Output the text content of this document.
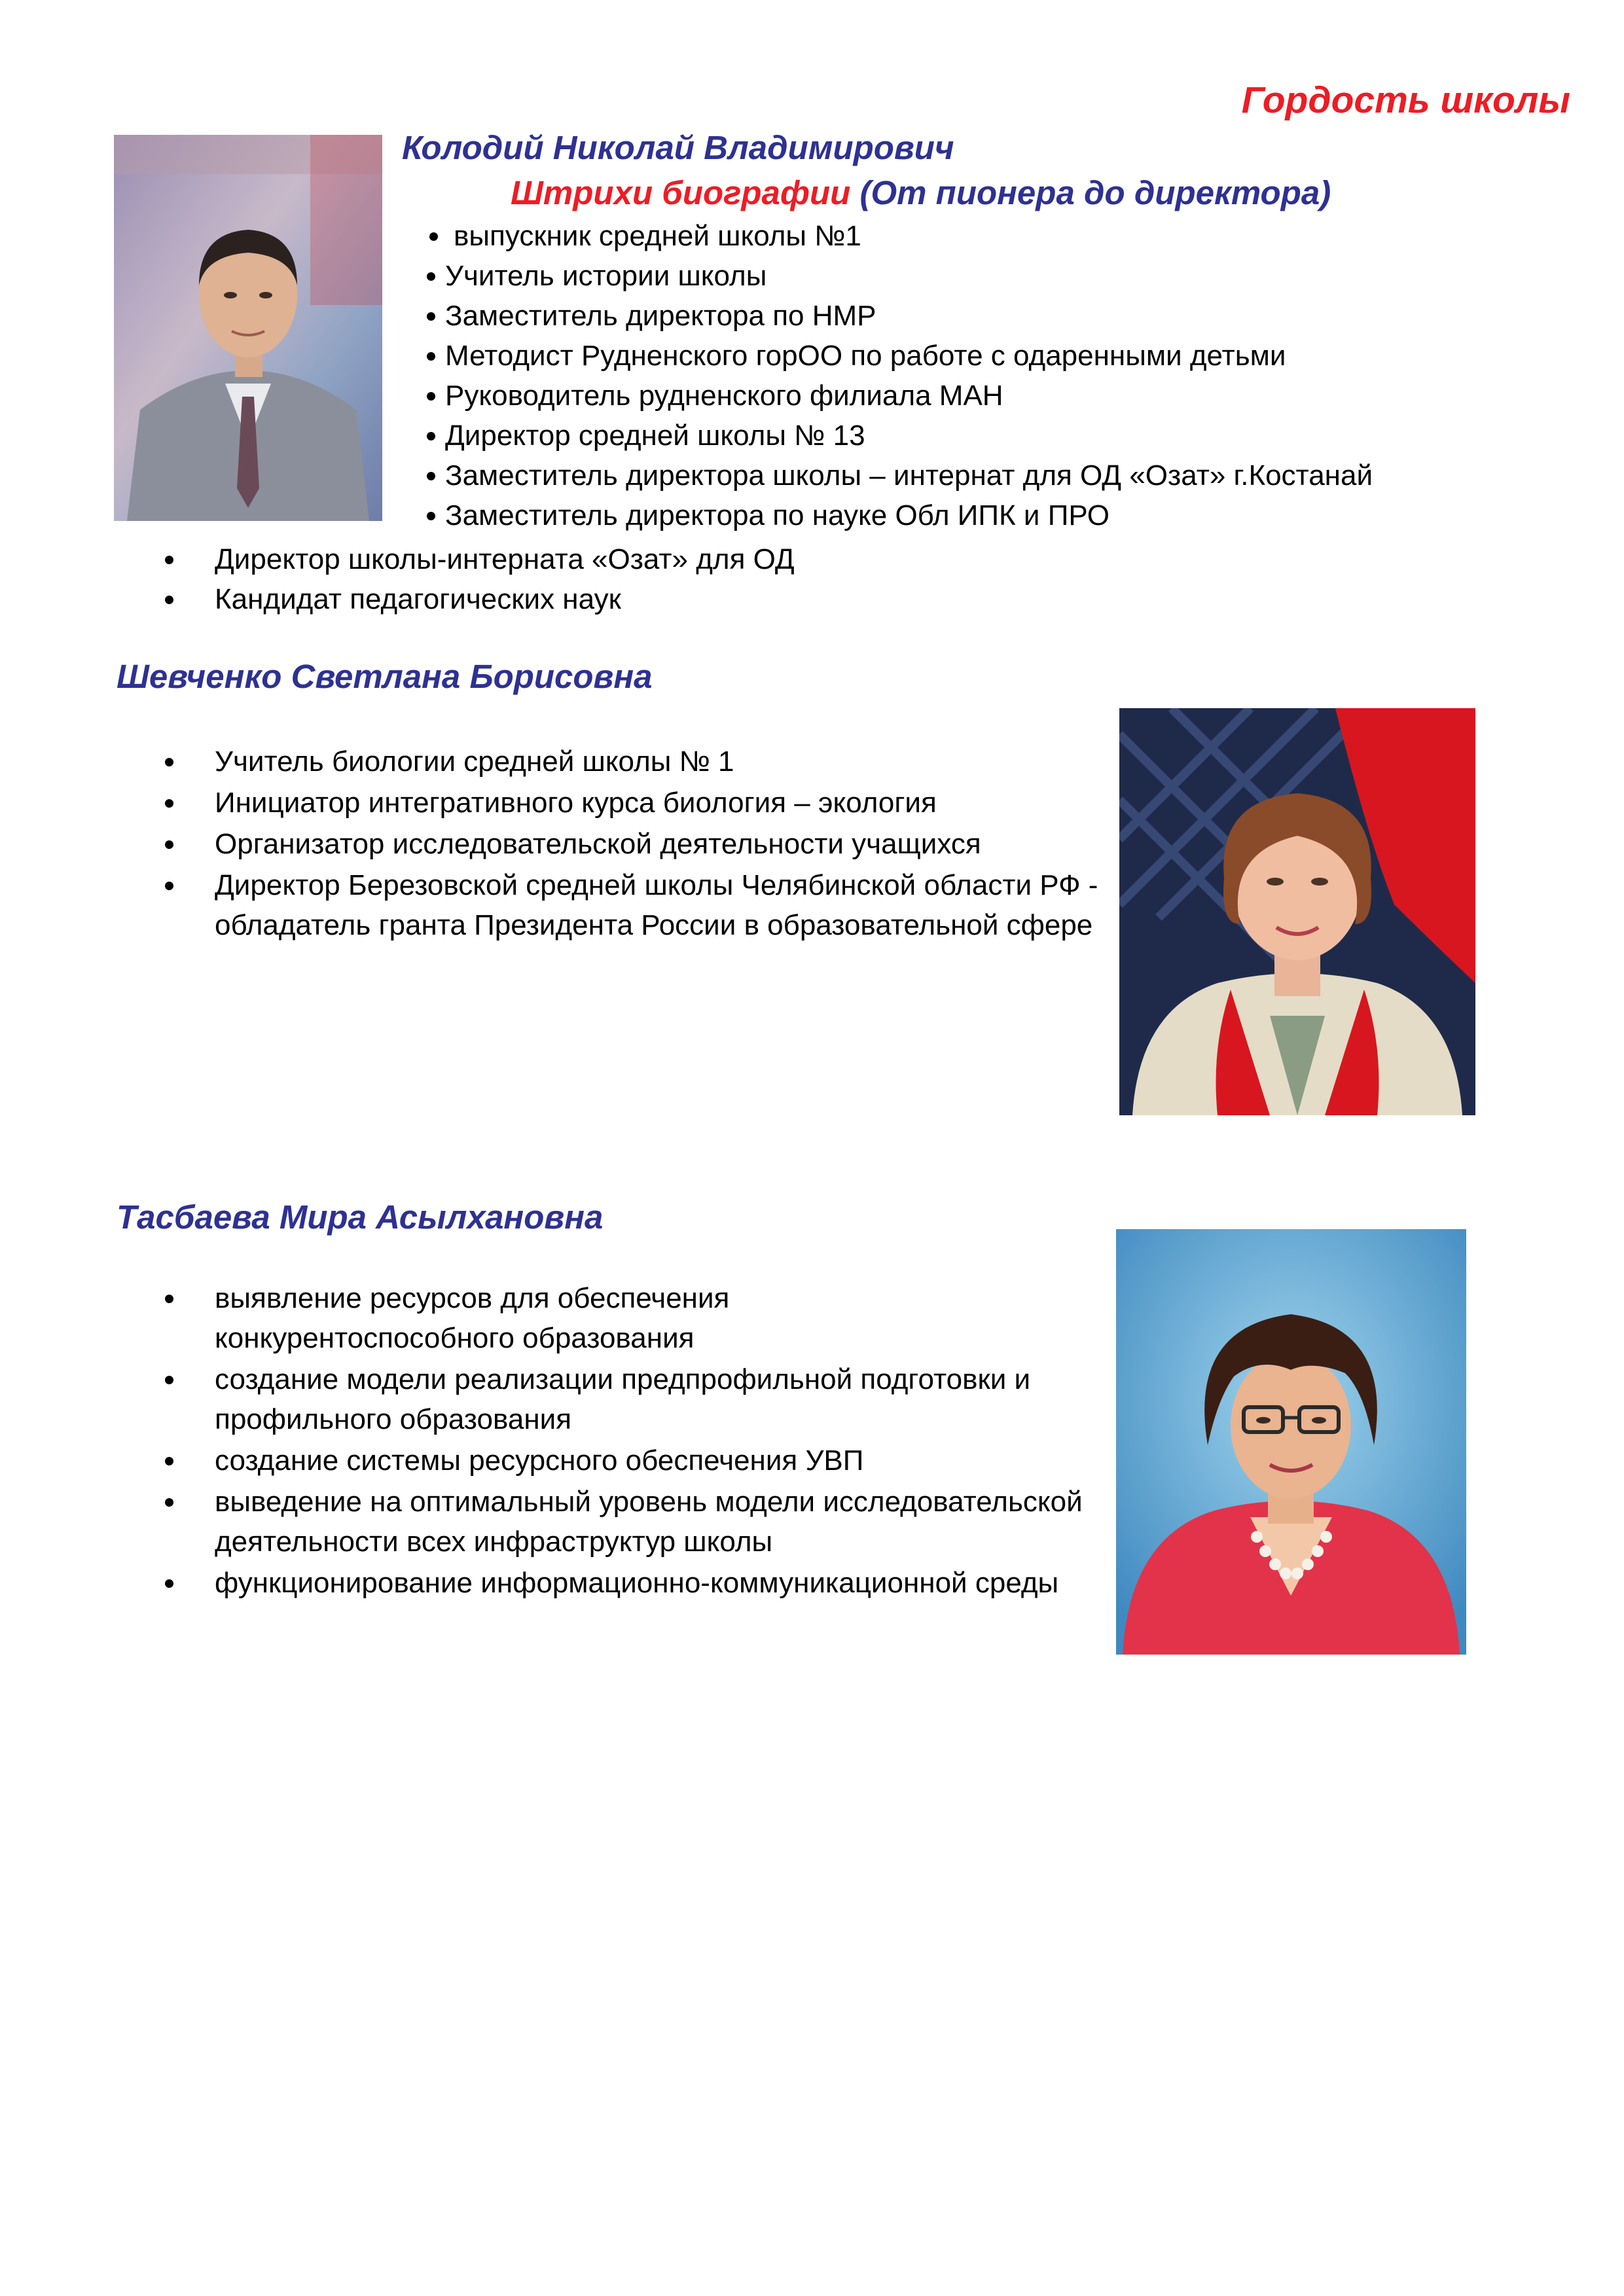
Гордость школы
Колодий Николай Владимирович
Штрихи биографии (От пионера до директора)
выпускник средней школы №1
Учитель истории школы
Заместитель директора по НМР
Методист Рудненского горОО по работе с одаренными детьми
Руководитель рудненского филиала МАН
Директор средней школы № 13
Заместитель директора школы – интернат для ОД «Озат» г.Костанай
Заместитель директора по науке Обл ИПК и ПРО
Директор школы-интерната «Озат» для ОД
Кандидат педагогических наук
Шевченко Светлана Борисовна
Учитель биологии средней школы № 1
Инициатор интегративного курса биология – экология
Организатор исследовательской деятельности учащихся
Директор Березовской средней школы Челябинской области РФ - обладатель гранта Президента России в образовательной сфере
Тасбаева Мира Асылхановна
выявление ресурсов для обеспечения конкурентоспособного образования
создание модели реализации предпрофильной подготовки и профильного образования
создание системы ресурсного обеспечения УВП
выведение на оптимальный уровень модели исследовательской деятельности всех инфраструктур школы
функционирование информационно-коммуникационной среды
